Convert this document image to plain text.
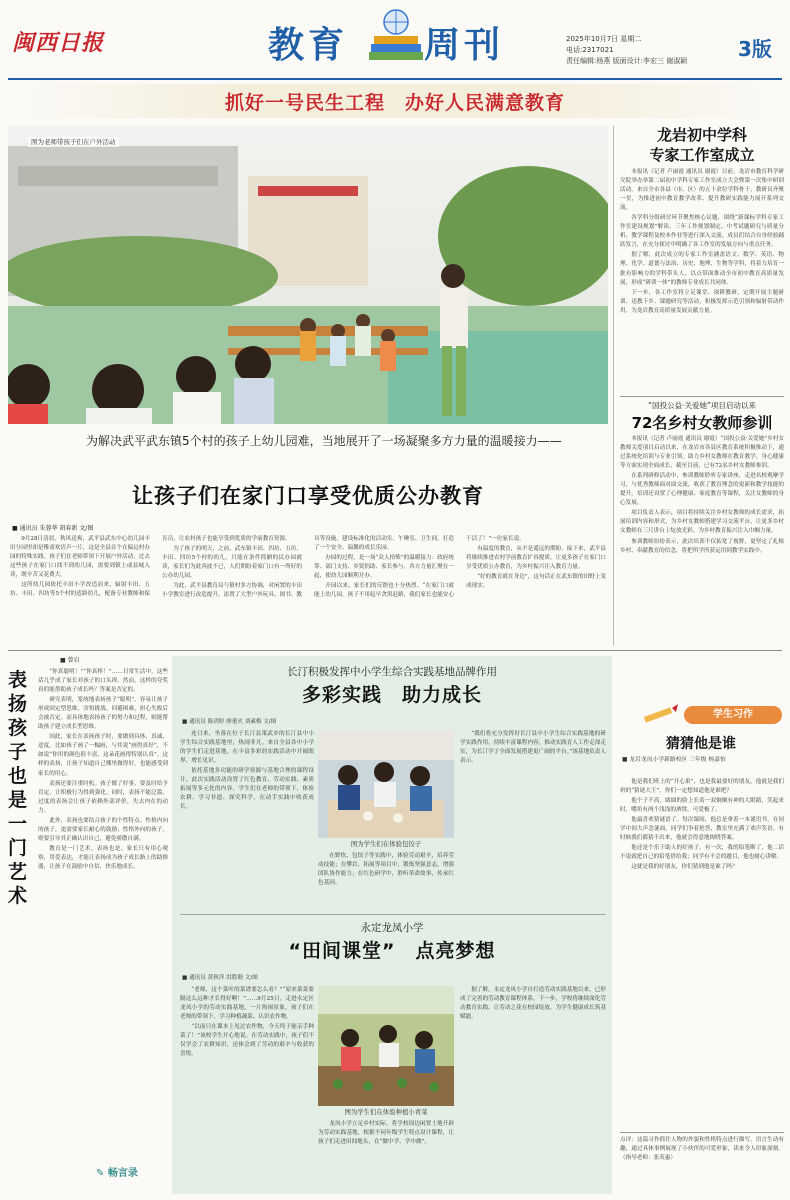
闽西日报	教育 周刊	2025年10月7日 星期二
电话:2317021
责任编辑:杨燕 版面设计:李宏三 谢淑颖	3版
抓好一号民生工程　办好人民满意教育
图为老师带孩子们在户外活动
为解决武平武东镇5个村的孩子上幼儿园难，当地展开了一场凝聚多方力量的温暖接力——
让孩子们在家门口享受优质公办教育
■ 通讯员 朱蓉华 胡春新 文/图

9月28日清晨，秋风送爽，武平县武东中心幼儿园丰田分园里却是稚童欢语声一片，这是全县首个在偏远村办园的特殊实践。孩子们在老师带领下开展户外活动，过去这些孩子在家门口找不到幼儿园，需要到镇上或县城入读，既辛苦又花费大。

这所幼儿园依托丰田小学改造而来，辐射丰田、五坊、丰田、四坊等5个村的适龄幼儿，配备专业教师和保育员，让农村孩子也能享受到优质的学前教育资源。

为了孩子的明天，之前，武东镇丰田、四坊、五坊、丰田、四坊5个村的幼儿，只能在条件简陋的民办园就读，家长们为此奔波不已，人们期盼着家门口有一所好的公办幼儿园。

为此，武平县教育局与镇村多方协调，对闲置的丰田小学教室进行改造提升，添置了大型户外玩具、图书、教具等设施，建设标准化的活动室、午睡室、卫生间，打造了一个安全、温馨的成长乐园。

办园的过程，是一场“众人拾柴”的温暖接力：政府统筹、部门支持、乡贤捐助、家长参与，各方力量汇聚在一起，使幼儿园顺利开办。

开园以来，家长们的反馈也十分热烈。“在家门口就能上幼儿园，孩子不用起早贪黑赶路，我们家长也能安心干活了！”一位家长说。

有温度的教育，从不是遥远的期盼。接下来，武平县将继续推进农村学前教育扩容提质，让更多孩子在家门口享受优质公办教育，为乡村振兴注入教育力量。

“好的教育就在身边”，这句话正在武东镇的田野上变成现实。

龙岩初中学科
专家工作室成立

本报讯（记者 卢丽霞 通讯员 谢霞）日前，龙岩市教育科学研究院举办举第二届初中学科专家工作室成立大会暨第一次集中研训活动。来自全市各县（市、区）的五十余位学科骨干、教研员齐聚一堂，为推进初中教育教学改革、提升教研实践能力展开系列交流。

各学科分组研讨环节聚焦核心议题，围绕“新课标学科专家工作室建设规划”解读、三年工作规划制定、中考试题研究与质量分析、教学课程及校本作业等进行深入交流。成员们结合自身经验踊跃发言，在充分探讨中明确了各工作室的发展方向与重点任务。

据了解，此次成立的专家工作室涵盖语文、数学、英语、物理、化学、道德与法治、历史、地理、生物等学科，将着力培育一批有影响力的学科带头人，以点带面推动全市初中教育高质量发展，形成“研训一体”的教师专业成长共同体。

下一步，各工作室将立足课堂、深耕教研，定期开展主题研训、送教下乡、课题研究等活动，积极发挥示范引领和辐射带动作用，为龙岩教育高质量发展贡献力量。

“国投公益·关爱她”项目启动以来
72名乡村女教师参训

本报讯（记者 卢丽霞 通讯员 谢霞）“国投公益·关爱她”乡村女教师关爱项目启动以来，在龙岩市各县区教育系统积极推动下，通过系统化培训与专业引领，助力乡村女教师在教育教学、身心健康等方面实现全面成长，截至目前，已有72名乡村女教师参训。

在系列研修活动中，参训教师聆听专家讲座，走进名校观摩学习，与优秀教师面对面交流，收获了教育理念的更新和教学技能的提升。培训还设置了心理健康、家庭教育等课程，关注女教师的身心发展。

项目负责人表示，项目将持续关注乡村女教师的成长需求，拓展培训内容和形式，为乡村女教师搭建学习交流平台，让更多乡村女教师在三尺讲台上绽放光彩，为乡村教育振兴注入巾帼力量。

参训教师纷纷表示，此次培训不仅拓宽了视野，更坚定了扎根乡村、奉献教育的信念，将把所学所获运用到教学实践中。

■ 曾岩
表扬孩子也是一门艺术

“你真聪明！”“你真棒！”……日常生活中，这些话几乎成了家长对孩子的口头禅。然而，这样的夸奖真的能帮助孩子成长吗？答案是否定的。

研究表明，笼统地表扬孩子“聪明”，容易让孩子形成固定型思维，害怕挑战、回避困难，担心失败后会被否定。而具体地表扬孩子的努力和过程，则能帮助孩子建立成长型思维。

因此，家长在表扬孩子时，要做到具体、真诚、适度。比如孩子画了一幅画，与其说“画得真好”，不如说“你用的颜色很丰富，这朵花画得特别认真”。这样的表扬，让孩子知道自己哪里做得好，也能感受到家长的用心。

表扬还要注重时机。孩子做了好事，要及时给予肯定，让积极行为得到强化。同时，表扬不能泛滥，过度的表扬会让孩子依赖外部评价，失去内在的动力。

此外，表扬也要结合孩子的个性特点。性格内向的孩子，更需要家长耐心的鼓励；性格外向的孩子，则要引导其正确认识自己，避免骄傲自满。

教育是一门艺术，表扬也是。家长只有用心观察，用爱表达，才能让表扬成为孩子成长路上的助推器，让孩子在鼓励中自信、快乐地成长。

✎ 畅言录
长汀积极发挥中小学生综合实践基地品牌作用
多彩实践　助力成长
■ 通讯员 陈玥婷 廖董火 刘素梅 文/图

连日来，坐落在位于长汀县策武乡的长汀县中小学生综合实践基地里，热闹非凡。来自全县各中小学的学生们走进基地，在丰富多彩的实践活动中开阔眼界、增长见识。

依托基地多功能的研学资源与基地合理的课程设计，此次实践活动设置了红色教育、劳动实践、素质拓展等多元化的内容。学生们在老师的带领下，体验农耕、学习非遗、探究科学，在动手实践中收获成长。

图为学生们在体验包饺子

在野炊、包饺子等实践中，体验劳动艰辛，培养劳动技能；在攀岩、拓展等项目中，锻炼坚强意志，增强团队协作能力；在红色研学中，聆听革命故事，传承红色基因。

“我们将充分发挥好长汀县中小学生综合实践基地的研学实践作用，持续丰富课程内容，推动实践育人工作走深走实，为长汀学子全面发展搭建更广阔的平台。”该基地负责人表示。

永定龙凤小学
“田间课堂”　点亮梦想
■ 通讯员 黄秋萍 洪胜勤 文/图

“老师，这个菜叶的菜谱要怎么看？”“原来菜菜要隔这么远种才长得好啊！”……9月25日，走进永定区龙凤小学的劳动实践基地，一片热闹景象，孩子们在老师的带领下，学习种植蔬菜、认识农作物。

“以前只在课本上见过农作物，今天终于能亲手种菜了！”该校学生开心地说。在劳动实践中，孩子们不仅学会了农耕知识，还体会到了劳动的艰辛与收获的喜悦。

图为学生们在体验种植小青菜

龙凤小学立足乡村实际，将学校周边闲置土地开辟为劳动实践基地，根据不同年级学生特点设计课程，让孩子们走进田间地头，在“做中学、学中做”。

据了解，永定龙凤小学自打造劳动实践基地以来，已形成了完善的劳动教育课程体系。下一步，学校将继续深化劳动教育实践，让劳动之花在校园绽放，为学生健康成长筑基赋能。

学生习作
猜猜他是谁
■ 龙岩龙凤小学新路校区 三年级 杨嘉怡

他是我们班上的“开心果”，也是我最要好的朋友，他就是我们班的“猜谜大王”。你们一定想知道他是谁吧？

他个子不高，圆圆的脸上长着一双炯炯有神的大眼睛，笑起来时，嘴角有两个浅浅的酒窝，可爱极了。

他最喜欢猜谜语了。每次课间，他总是拿着一本谜语书，在同学中间大声念谜面，同学们争着抢答，教室里充满了欢声笑语。有时候我们都猜不出来，他就会得意地揭晓答案。

他还是个乐于助人的好孩子。有一次，我的铅笔断了，他二话不说就把自己的铅笔借给我；同学有不会的题目，他也耐心讲解。

这就是我的好朋友，你们猜到他是谁了吗？

点评：这篇习作抓住人物的外貌和性格特点进行描写，语言生动有趣，通过具体事例展现了小伙伴的可爱形象，读来令人印象深刻。（指导老师：张英惠）
